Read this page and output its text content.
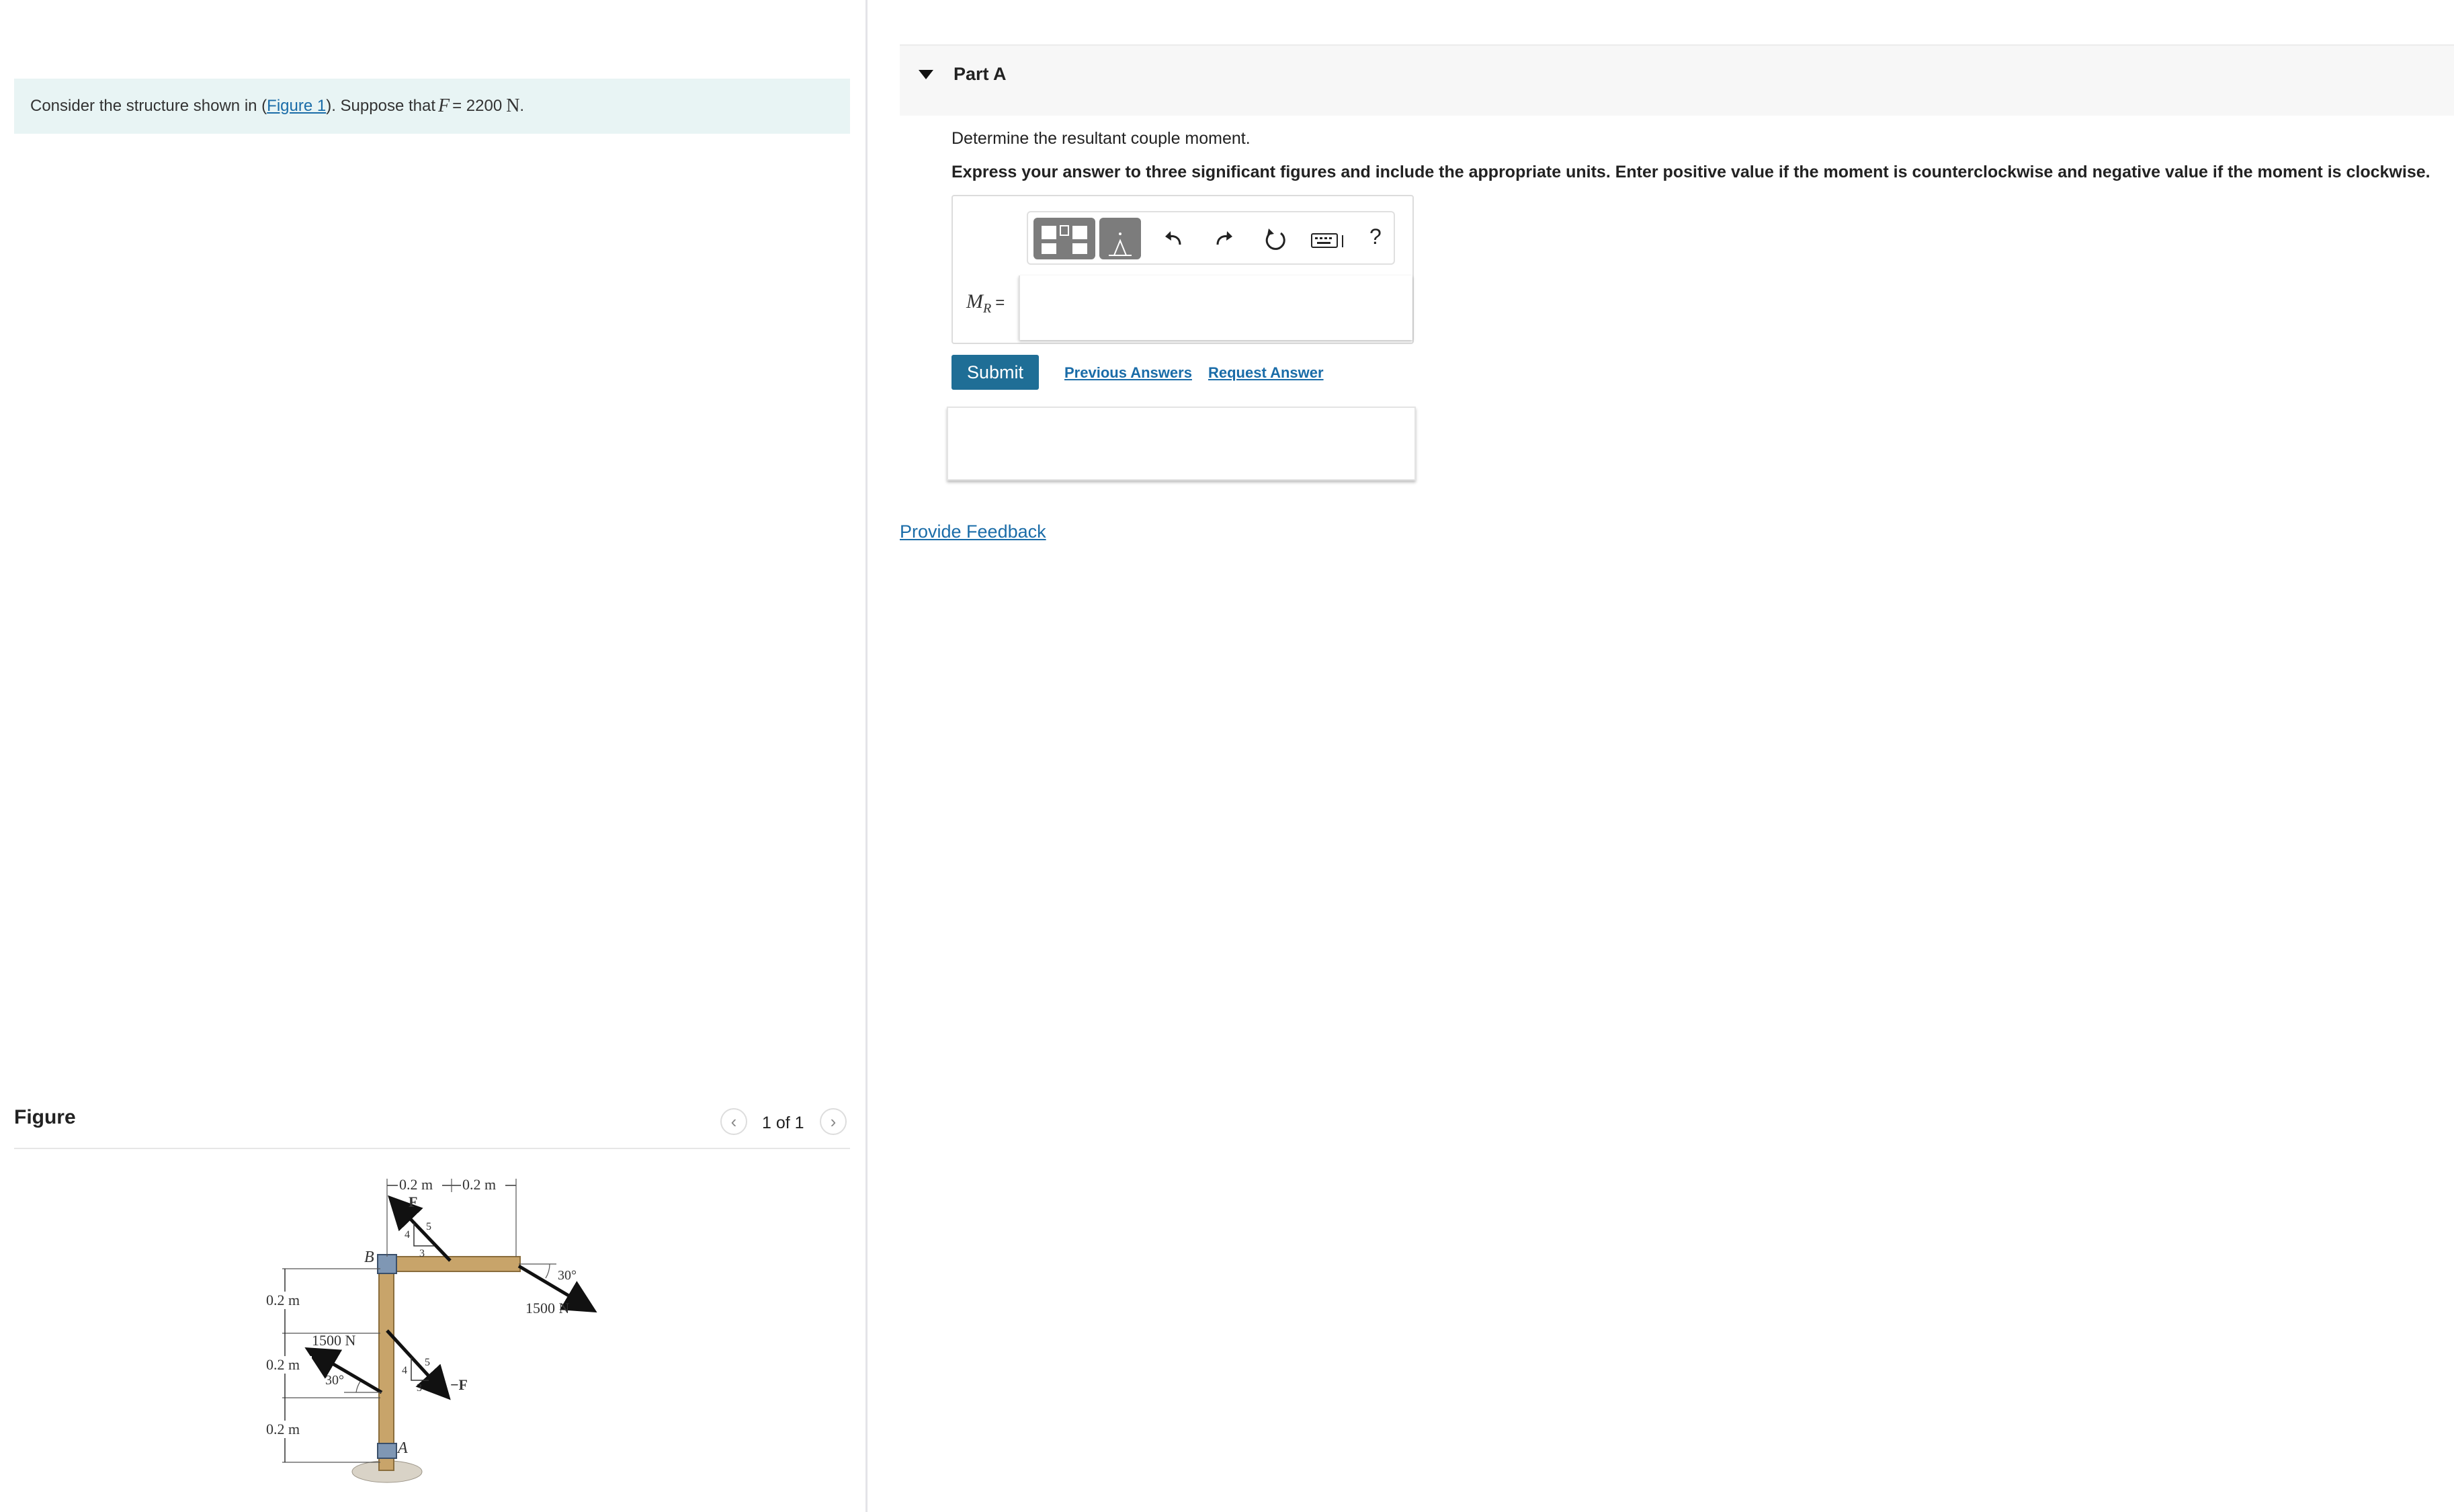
Consider the structure shown in ( Figure 1 ). Suppose that F = 2200 N .
Figure	‹ 1 of 1 ›
0.2 m 0.2 m
F
5
4
3
B
30°
1500 N
−F
5
4
3
1500 N
30°
0.2 m
0.2 m
0.2 m
A
Part A
Determine the resultant couple moment.
Express your answer to three significant figures and include the appropriate units. Enter positive value if the moment is counterclockwise and negative value if the moment is clockwise.
?
$M_R$ =
Submit	Previous Answers Request Answer
Provide Feedback
